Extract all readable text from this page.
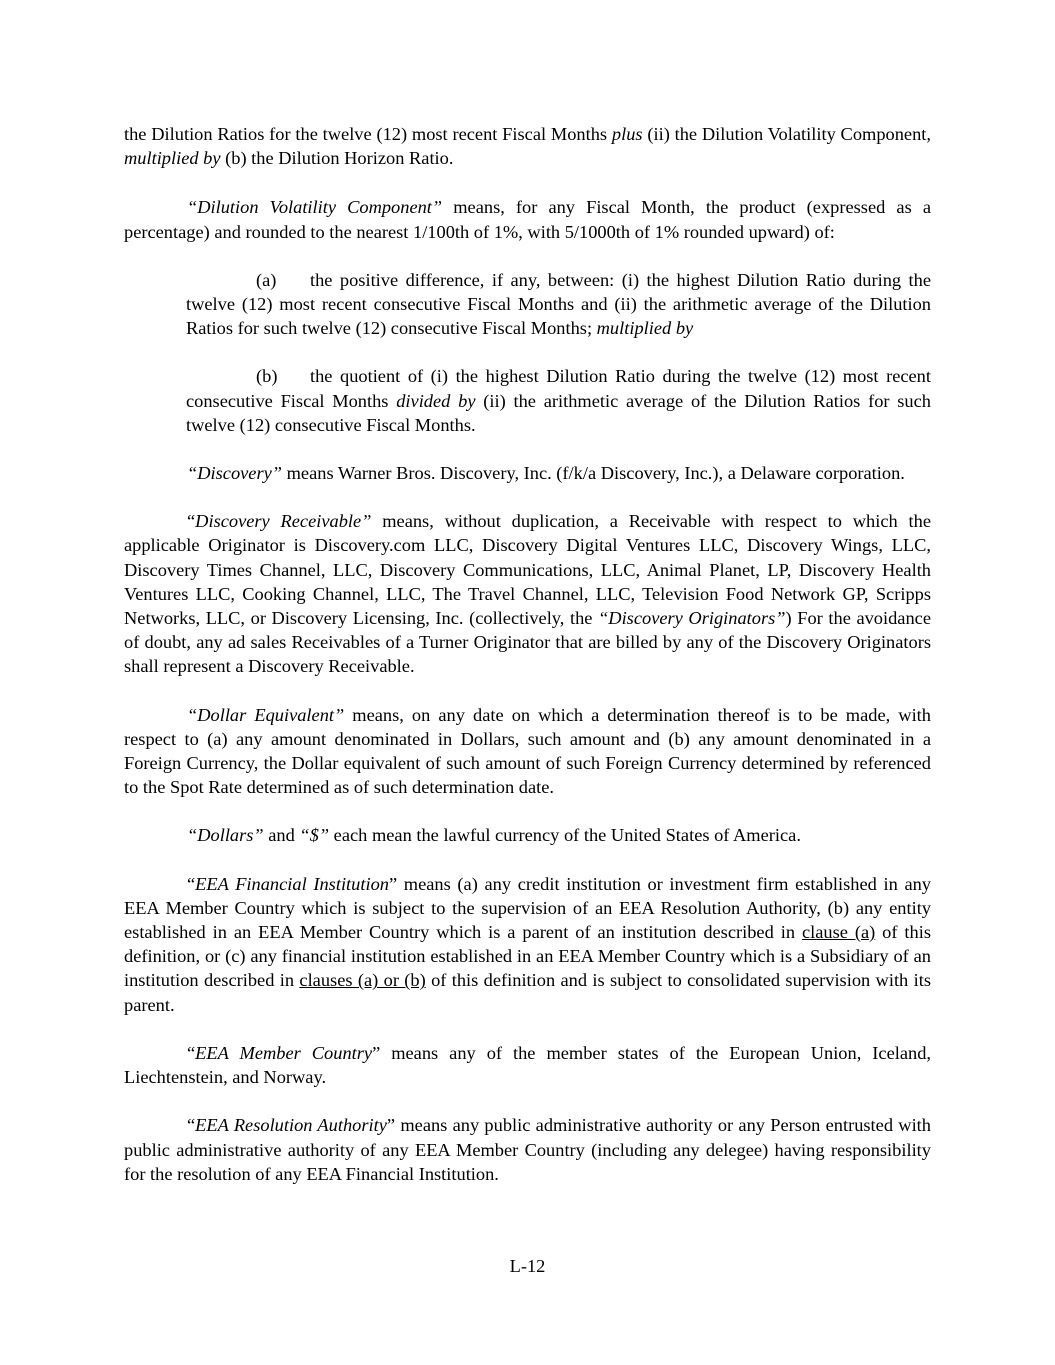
the Dilution Ratios for the twelve (12) most recent Fiscal Months plus (ii) the Dilution Volatility Component, multiplied by (b) the Dilution Horizon Ratio.

“Dilution Volatility Component” means, for any Fiscal Month, the product (expressed as a percentage) and rounded to the nearest 1/100th of 1%, with 5/1000th of 1% rounded upward) of:

(a) the positive difference, if any, between: (i) the highest Dilution Ratio during the twelve (12) most recent consecutive Fiscal Months and (ii) the arithmetic average of the Dilution Ratios for such twelve (12) consecutive Fiscal Months; multiplied by

(b) the quotient of (i) the highest Dilution Ratio during the twelve (12) most recent consecutive Fiscal Months divided by (ii) the arithmetic average of the Dilution Ratios for such twelve (12) consecutive Fiscal Months.

“Discovery” means Warner Bros. Discovery, Inc. (f/k/a Discovery, Inc.), a Delaware corporation.

“Discovery Receivable” means, without duplication, a Receivable with respect to which the applicable Originator is Discovery.com LLC, Discovery Digital Ventures LLC, Discovery Wings, LLC, Discovery Times Channel, LLC, Discovery Communications, LLC, Animal Planet, LP, Discovery Health Ventures LLC, Cooking Channel, LLC, The Travel Channel, LLC, Television Food Network GP, Scripps Networks, LLC, or Discovery Licensing, Inc. (collectively, the “Discovery Originators”) For the avoidance of doubt, any ad sales Receivables of a Turner Originator that are billed by any of the Discovery Originators shall represent a Discovery Receivable.

“Dollar Equivalent” means, on any date on which a determination thereof is to be made, with respect to (a) any amount denominated in Dollars, such amount and (b) any amount denominated in a Foreign Currency, the Dollar equivalent of such amount of such Foreign Currency determined by referenced to the Spot Rate determined as of such determination date.

“Dollars” and “$” each mean the lawful currency of the United States of America.

“EEA Financial Institution” means (a) any credit institution or investment firm established in any EEA Member Country which is subject to the supervision of an EEA Resolution Authority, (b) any entity established in an EEA Member Country which is a parent of an institution described in clause (a) of this definition, or (c) any financial institution established in an EEA Member Country which is a Subsidiary of an institution described in clauses (a) or (b) of this definition and is subject to consolidated supervision with its parent.

“EEA Member Country” means any of the member states of the European Union, Iceland, Liechtenstein, and Norway.

“EEA Resolution Authority” means any public administrative authority or any Person entrusted with public administrative authority of any EEA Member Country (including any delegee) having responsibility for the resolution of any EEA Financial Institution.

L-12
